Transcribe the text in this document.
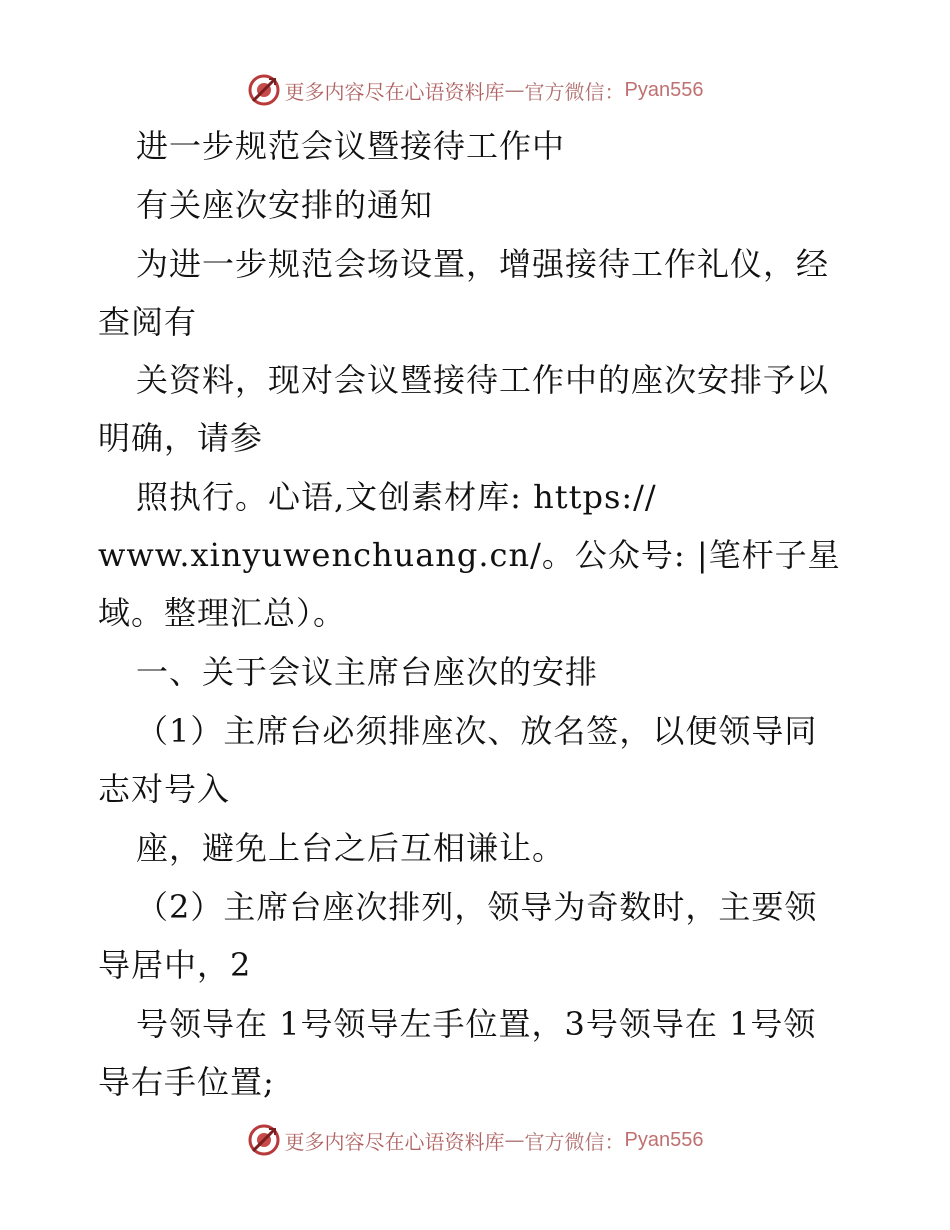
更多内容尽在心语资料库 — 官方微信： Pyan556
进一步规范会议暨接待工作中
有关座次安排的通知
为进一步规范会场设置，增强接待工作礼仪，经
查阅有
关资料，现对会议暨接待工作中的座次安排予以
明确，请参
照执行。心语,文创素材库: https://
www.xinyuwenchuang.cn/。公众号: |笔杆子星
域。整理汇总）。
一、关于会议主席台座次的安排
（1）主席台必须排座次、放名签，以便领导同
志对号入
座，避免上台之后互相谦让。
（2）主席台座次排列，领导为奇数时，主要领
导居中，2
号领导在 1号领导左手位置，3号领导在 1号领
导右手位置;
更多内容尽在心语资料库 — 官方微信： Pyan556
